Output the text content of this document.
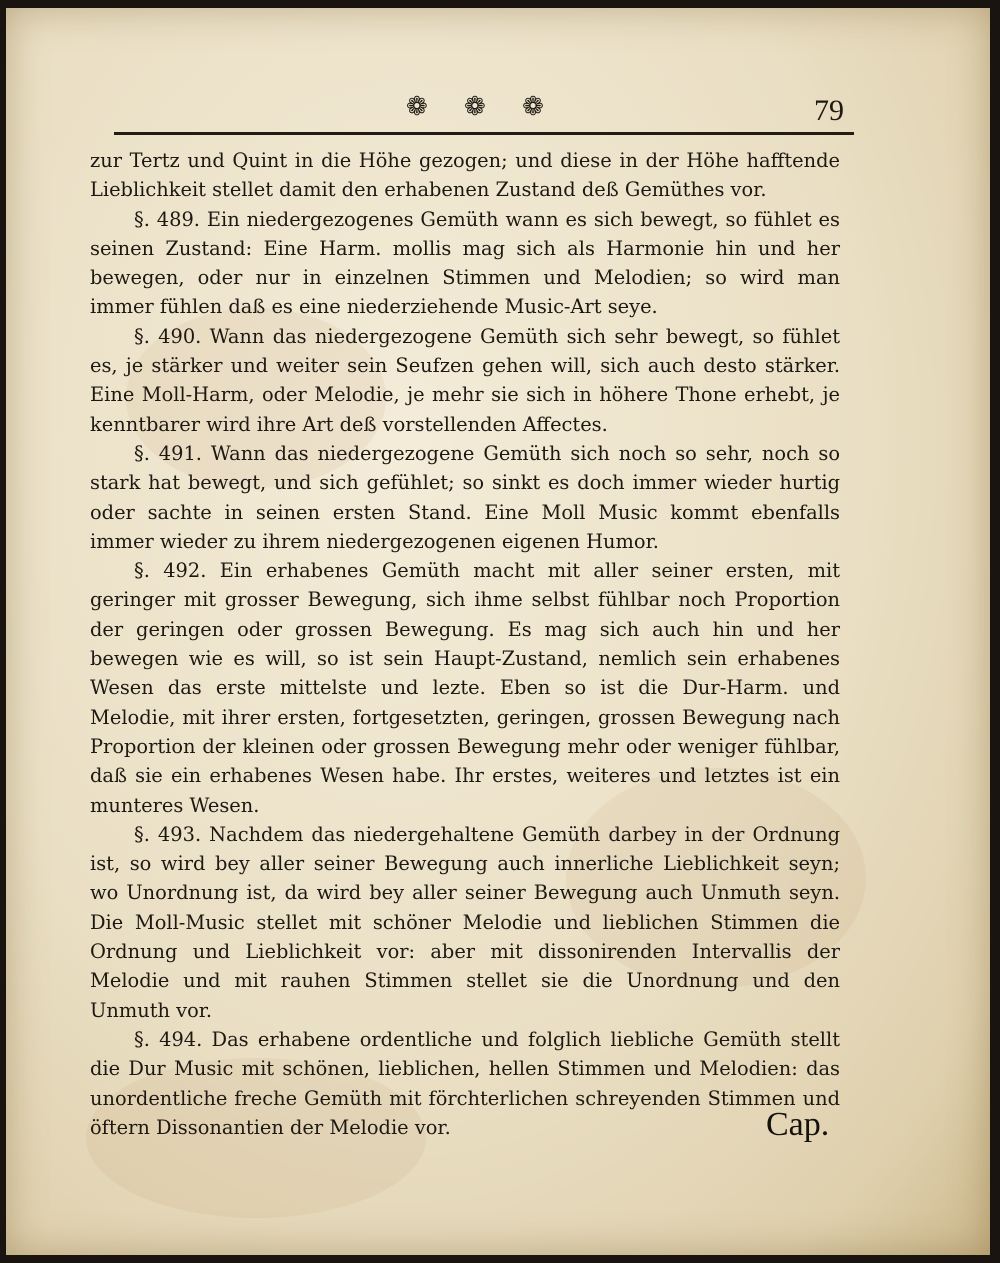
❁ ❁ ❁	79

zur Tertz und Quint in die Höhe gezogen; und diese in der Höhe hafftende Lieblichkeit stellet damit den erhabenen Zustand deß Gemüthes vor.

§. 489. Ein niedergezogenes Gemüth wann es sich bewegt, so fühlet es seinen Zustand: Eine Harm. mollis mag sich als Harmonie hin und her bewegen, oder nur in einzelnen Stimmen und Melodien; so wird man immer fühlen daß es eine niederziehende Music-Art seye.

§. 490. Wann das niedergezogene Gemüth sich sehr bewegt, so fühlet es, je stärker und weiter sein Seufzen gehen will, sich auch desto stärker. Eine Moll-Harm, oder Melodie, je mehr sie sich in höhere Thone erhebt, je kenntbarer wird ihre Art deß vorstellenden Affectes.

§. 491. Wann das niedergezogene Gemüth sich noch so sehr, noch so stark hat bewegt, und sich gefühlet; so sinkt es doch immer wieder hurtig oder sachte in seinen ersten Stand. Eine Moll Music kommt ebenfalls immer wieder zu ihrem niedergezogenen eigenen Humor.

§. 492. Ein erhabenes Gemüth macht mit aller seiner ersten, mit geringer mit grosser Bewegung, sich ihme selbst fühlbar noch Proportion der geringen oder grossen Bewegung. Es mag sich auch hin und her bewegen wie es will, so ist sein Haupt-Zustand, nemlich sein erhabenes Wesen das erste mittelste und lezte. Eben so ist die Dur-Harm. und Melodie, mit ihrer ersten, fortgesetzten, geringen, grossen Bewegung nach Proportion der kleinen oder grossen Bewegung mehr oder weniger fühlbar, daß sie ein erhabenes Wesen habe. Ihr erstes, weiteres und letztes ist ein munteres Wesen.

§. 493. Nachdem das niedergehaltene Gemüth darbey in der Ordnung ist, so wird bey aller seiner Bewegung auch innerliche Lieblichkeit seyn; wo Unordnung ist, da wird bey aller seiner Bewegung auch Unmuth seyn. Die Moll-Music stellet mit schöner Melodie und lieblichen Stimmen die Ordnung und Lieblichkeit vor: aber mit dissonirenden Intervallis der Melodie und mit rauhen Stimmen stellet sie die Unordnung und den Unmuth vor.

§. 494. Das erhabene ordentliche und folglich liebliche Gemüth stellt die Dur Music mit schönen, lieblichen, hellen Stimmen und Melodien: das unordentliche freche Gemüth mit förchterlichen schreyenden Stimmen und öftern Dissonantien der Melodie vor.	Cap.
